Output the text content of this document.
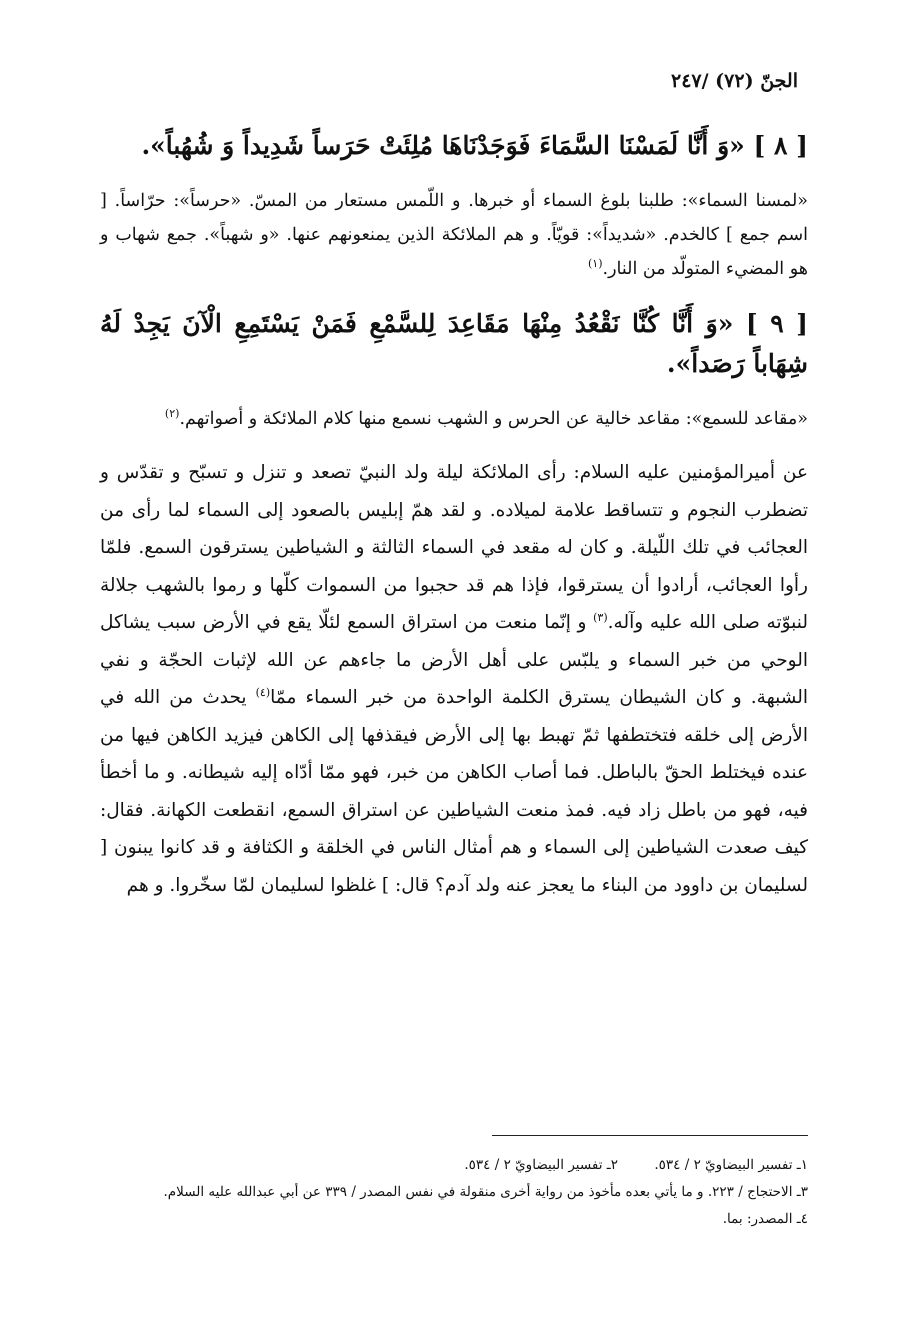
الجنّ (٧٢) /٢٤٧

[ ٨ ] «وَ أَنَّا لَمَسْنَا السَّمَاءَ فَوَجَدْنَاهَا مُلِئَتْ حَرَساً شَدِيداً وَ شُهُباً».

«لمسنا السماء»: طلبنا بلوغ السماء أو خبرها. و اللّمس مستعار من المسّ. «حرساً»: حرّاساً. [ اسم جمع ] كالخدم. «شديداً»: قويّاً. و هم الملائكة الذين يمنعونهم عنها. «و شهباً». جمع شهاب و هو المضيء المتولّد من النار.$^{(١)}$

[ ٩ ] «وَ أَنَّا كُنَّا نَقْعُدُ مِنْهَا مَقَاعِدَ لِلسَّمْعِ فَمَنْ يَسْتَمِعِ الْآنَ يَجِدْ لَهُ شِهَاباً رَصَداً».

«مقاعد للسمع»: مقاعد خالية عن الحرس و الشهب نسمع منها كلام الملائكة و أصواتهم.$^{(٢)}$

عن أميرالمؤمنين عليه السلام: رأى الملائكة ليلة ولد النبيّ تصعد و تنزل و تسبّح و تقدّس و تضطرب النجوم و تتساقط علامة لميلاده. و لقد همّ إبليس بالصعود إلى السماء لما رأى من العجائب في تلك اللّيلة. و كان له مقعد في السماء الثالثة و الشياطين يسترقون السمع. فلمّا رأوا العجائب، أرادوا أن يسترقوا، فإذا هم قد حجبوا من السموات كلّها و رموا بالشهب جلالة لنبوّته صلى الله عليه وآله.$^{(٣)}$ و إنّما منعت من استراق السمع لئلّا يقع في الأرض سبب يشاكل الوحي من خبر السماء و يلبّس على أهل الأرض ما جاءهم عن الله لإثبات الحجّة و نفي الشبهة. و كان الشيطان يسترق الكلمة الواحدة من خبر السماء ممّا$^{(٤)}$ يحدث من الله في الأرض إلى خلقه فتختطفها ثمّ تهبط بها إلى الأرض فيقذفها إلى الكاهن فيزيد الكاهن فيها من عنده فيختلط الحقّ بالباطل. فما أصاب الكاهن من خبر، فهو ممّا أدّاه إليه شيطانه. و ما أخطأ فيه، فهو من باطل زاد فيه. فمذ منعت الشياطين عن استراق السمع، انقطعت الكهانة. فقال: كيف صعدت الشياطين إلى السماء و هم أمثال الناس في الخلقة و الكثافة و قد كانوا يبنون [ لسليمان بن داوود من البناء ما يعجز عنه ولد آدم؟ قال: ] غلظوا لسليمان لمّا سخّروا. و هم

١ـ تفسير البيضاويّ ٢ / ٥٣٤.
٢ـ تفسير البيضاويّ ٢ / ٥٣٤.
٣ـ الاحتجاج / ٢٢٣. و ما يأتي بعده مأخوذ من رواية أخرى منقولة في نفس المصدر / ٣٣٩ عن أبي عبدالله عليه السلام.
٤ـ المصدر: بما.
